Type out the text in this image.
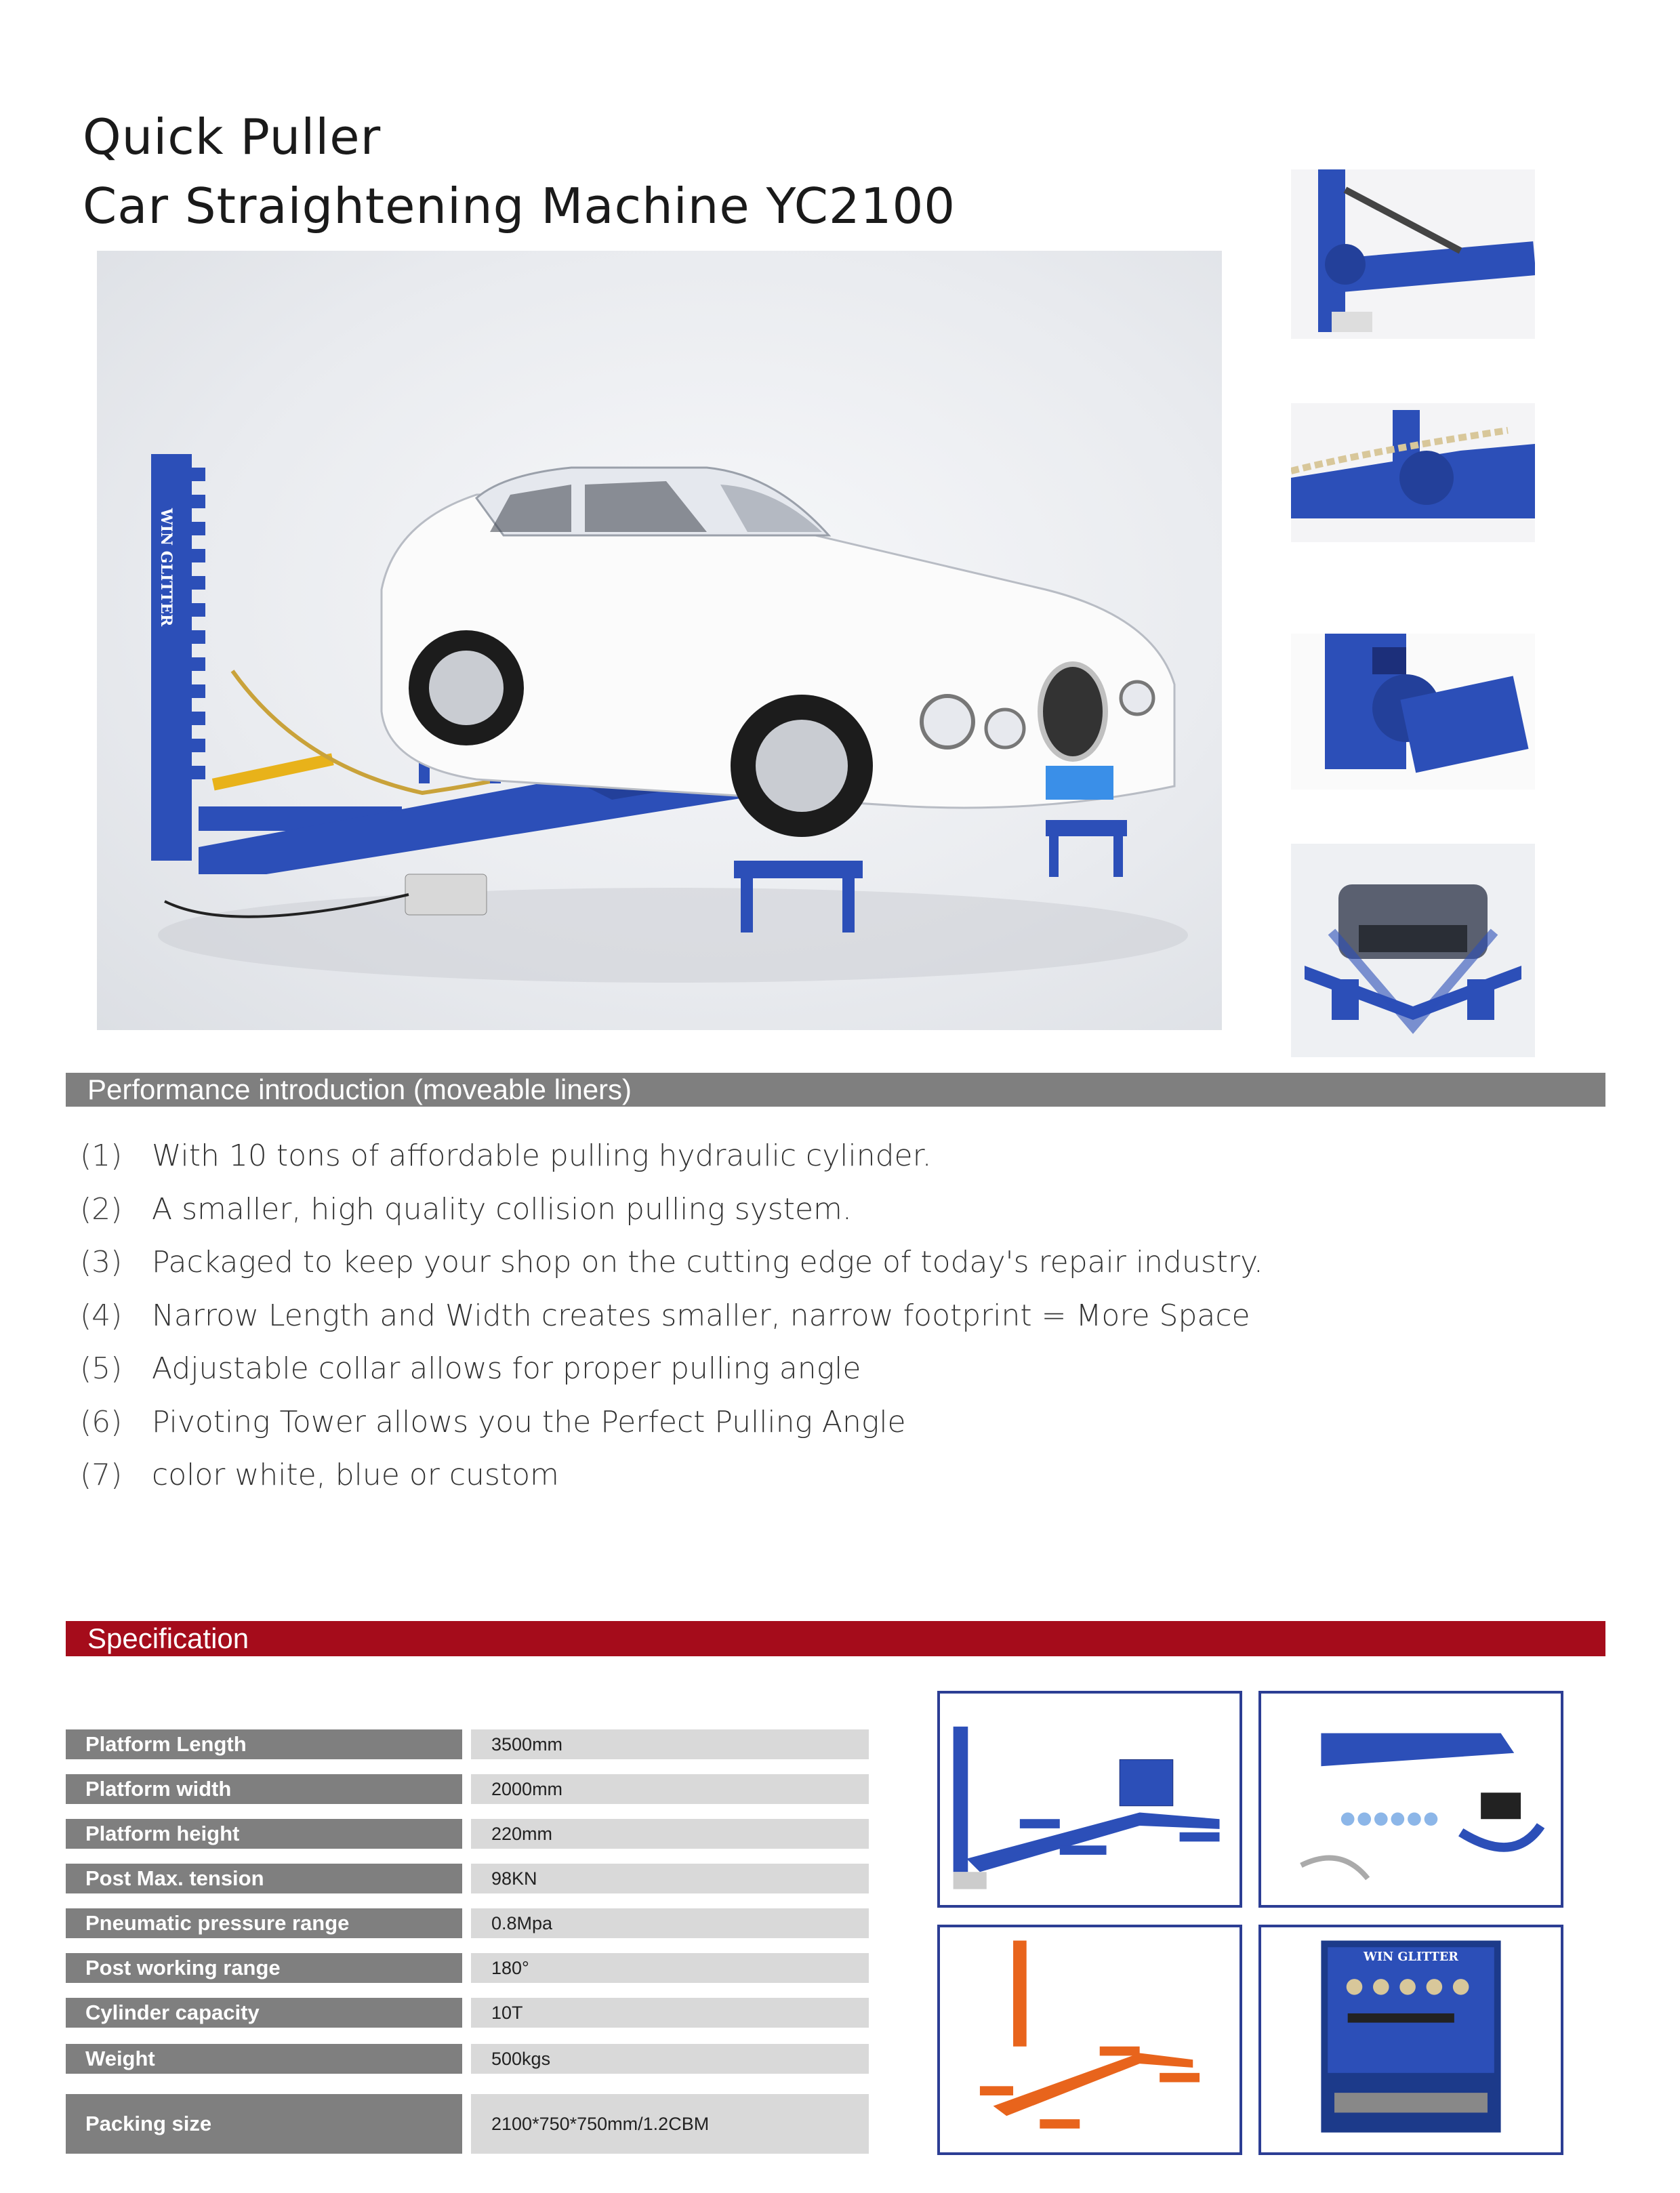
Quick Puller
Car Straightening Machine YC2100
WIN GLITTER
Performance introduction (moveable liners)
(1) With 10 tons of affordable pulling hydraulic cylinder.
(2) A smaller, high quality collision pulling system.
(3) Packaged to keep your shop on the cutting edge of today's repair industry.
(4) Narrow Length and Width creates smaller, narrow footprint = More Space
(5) Adjustable collar allows for proper pulling angle
(6) Pivoting Tower allows you the Perfect Pulling Angle
(7) color white, blue or custom
Specification
Platform Length	3500mm
Platform width	2000mm
Platform height	220mm
Post Max. tension	98KN
Pneumatic pressure range	0.8Mpa
Post working range	180°
Cylinder capacity	10T
Weight	500kgs
Packing size	2100*750*750mm/1.2CBM
WIN GLITTER
